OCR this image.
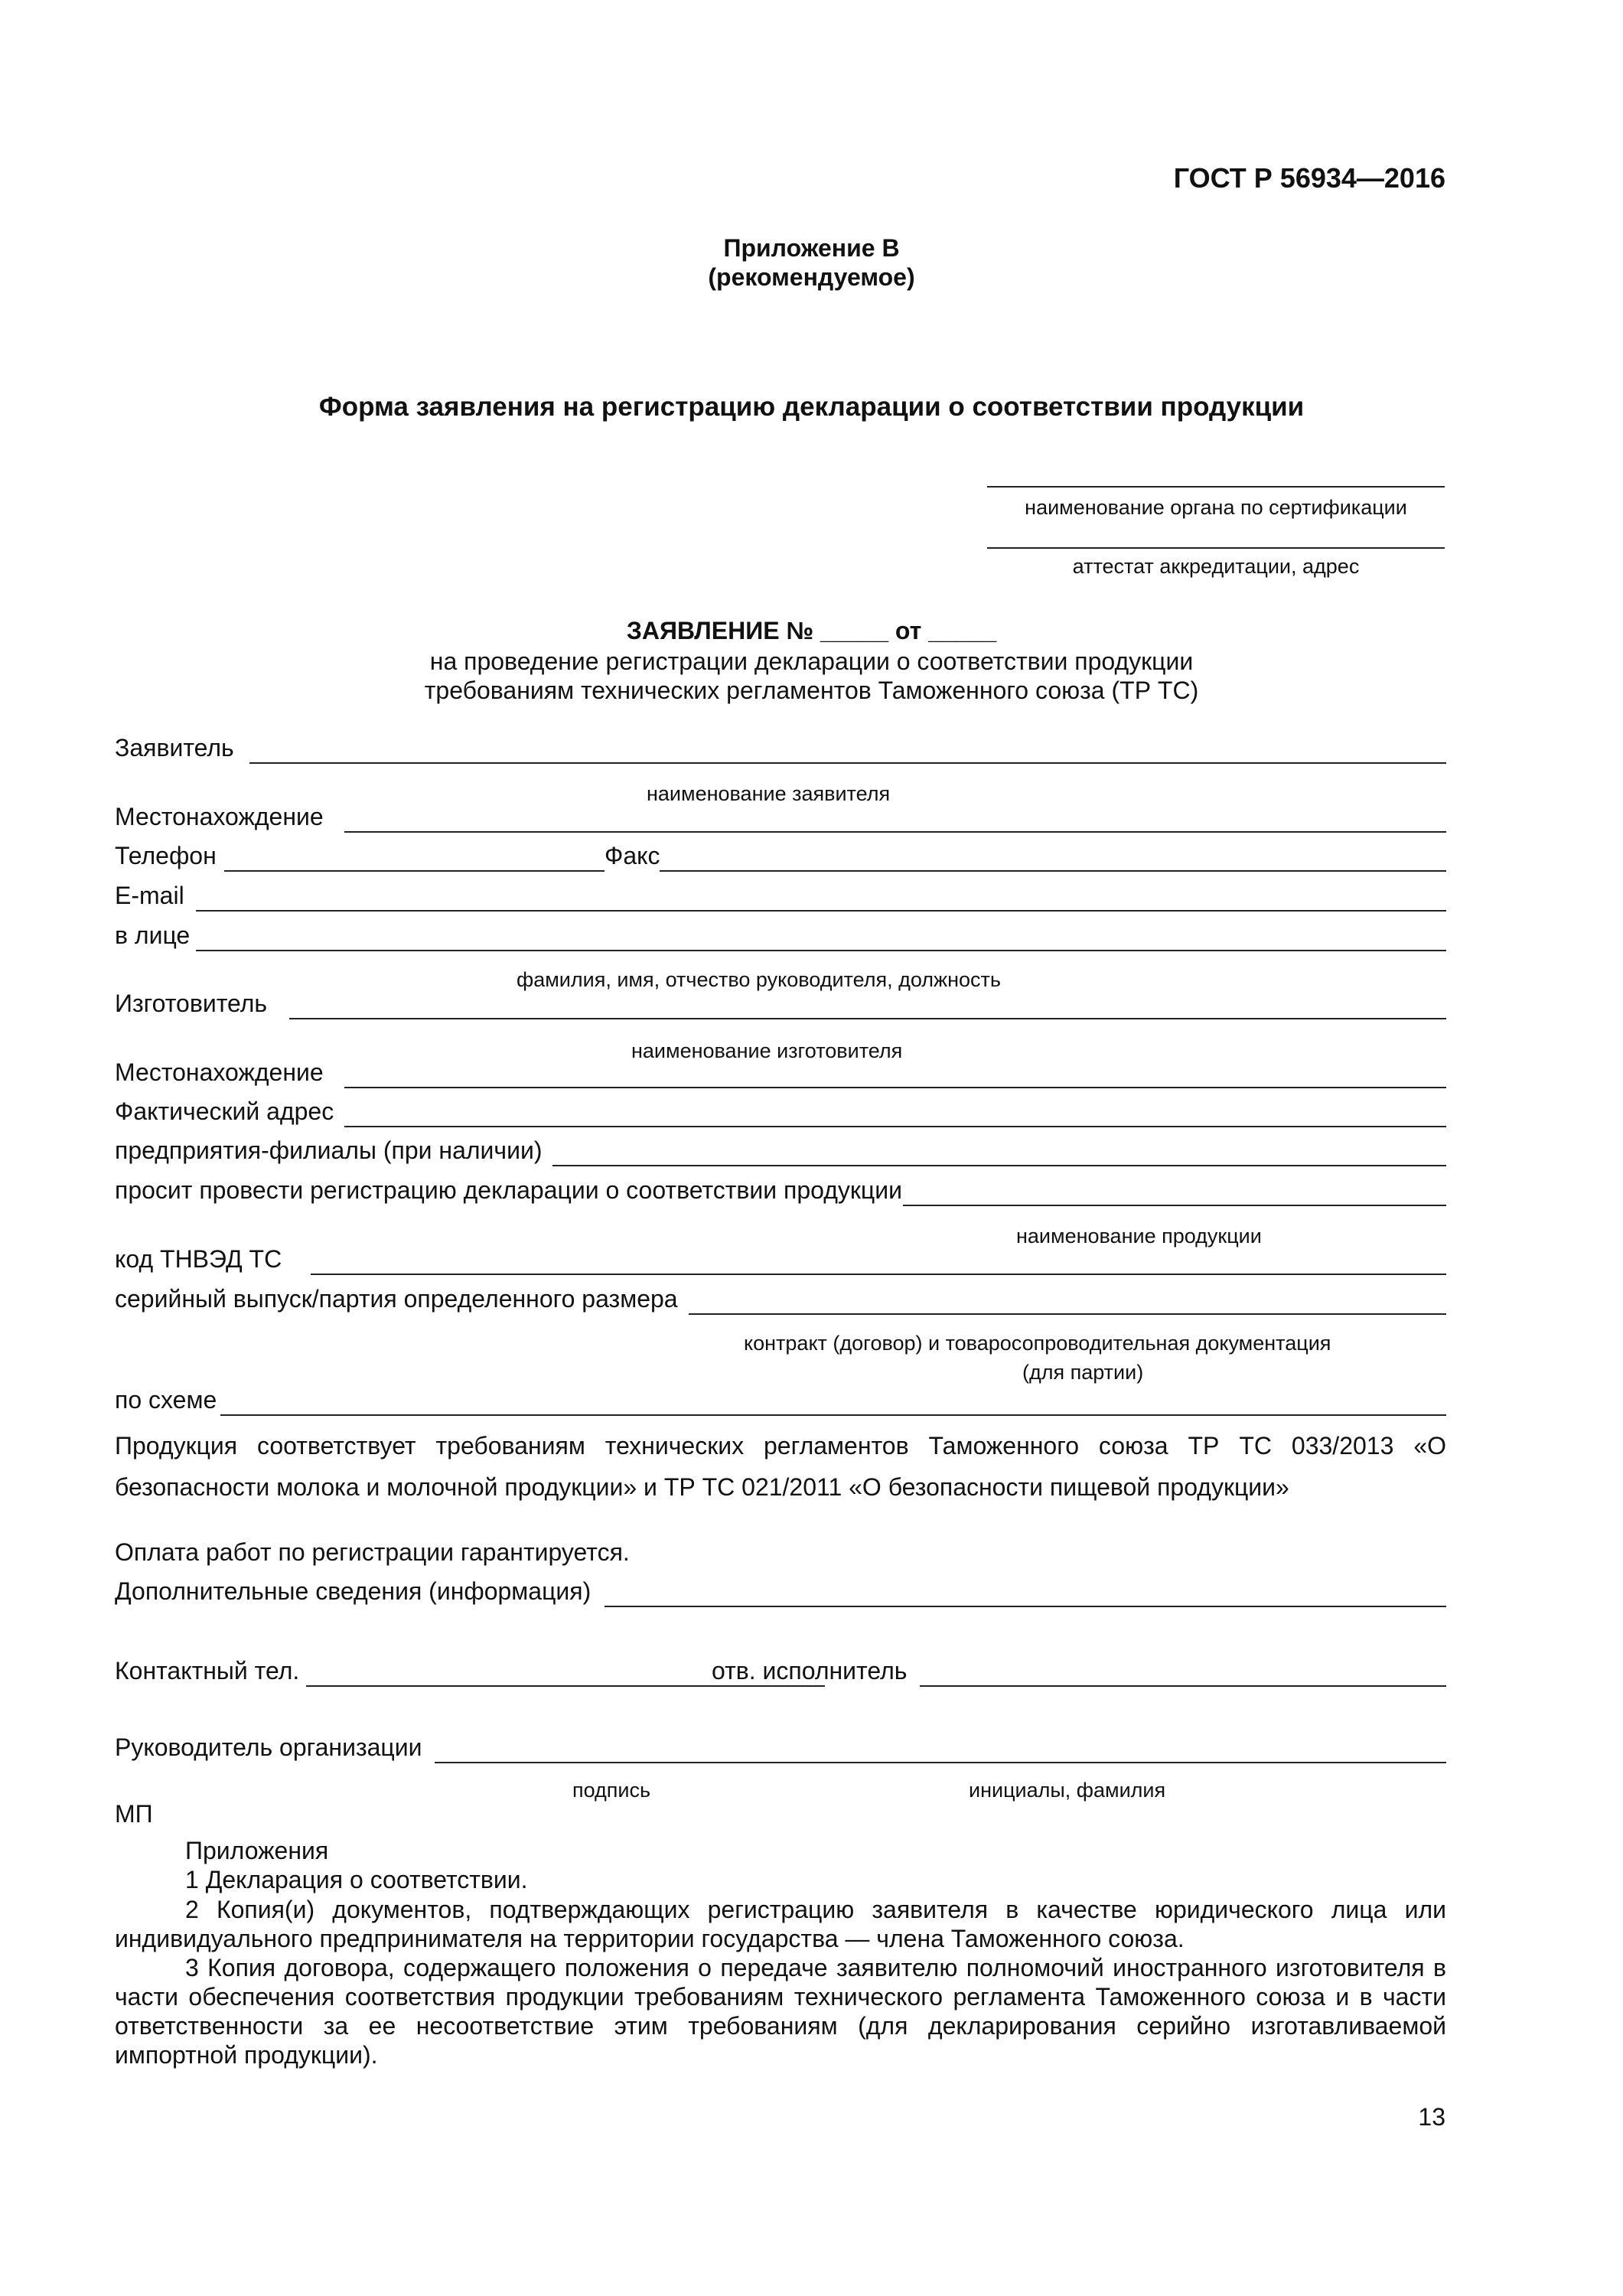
ГОСТ Р 56934—2016
Приложение В
(рекомендуемое)
Форма заявления на регистрацию декларации о соответствии продукции
наименование органа по сертификации
аттестат аккредитации, адрес
ЗАЯВЛЕНИЕ № _____ от _____
на проведение регистрации декларации о соответствии продукции
требованиям технических регламентов Таможенного союза (ТР ТС)
Заявитель
наименование заявителя
Местонахождение
Телефон	Факс
E-mail
в лице
фамилия, имя, отчество руководителя, должность
Изготовитель
наименование изготовителя
Местонахождение
Фактический адрес
предприятия-филиалы (при наличии)
просит провести регистрацию декларации о соответствии продукции
наименование продукции
код ТНВЭД ТС
серийный выпуск/партия определенного размера
контракт (договор) и товаросопроводительная документация
(для партии)
по схеме
Продукция соответствует требованиям технических регламентов Таможенного союза ТР ТС 033/2013 «О безопасности молока и молочной продукции» и ТР ТС 021/2011 «О безопасности пищевой продукции»
Оплата работ по регистрации гарантируется.
Дополнительные сведения (информация)
Контактный тел.	отв. исполнитель
Руководитель организации
подпись	инициалы, фамилия
МП
Приложения
1 Декларация о соответствии.
2 Копия(и) документов, подтверждающих регистрацию заявителя в качестве юридического лица или индивидуального предпринимателя на территории государства — члена Таможенного союза.
3 Копия договора, содержащего положения о передаче заявителю полномочий иностранного изготовителя в части обеспечения соответствия продукции требованиям технического регламента Таможенного союза и в части ответственности за ее несоответствие этим требованиям (для декларирования серийно изготавливаемой импортной продукции).
13
